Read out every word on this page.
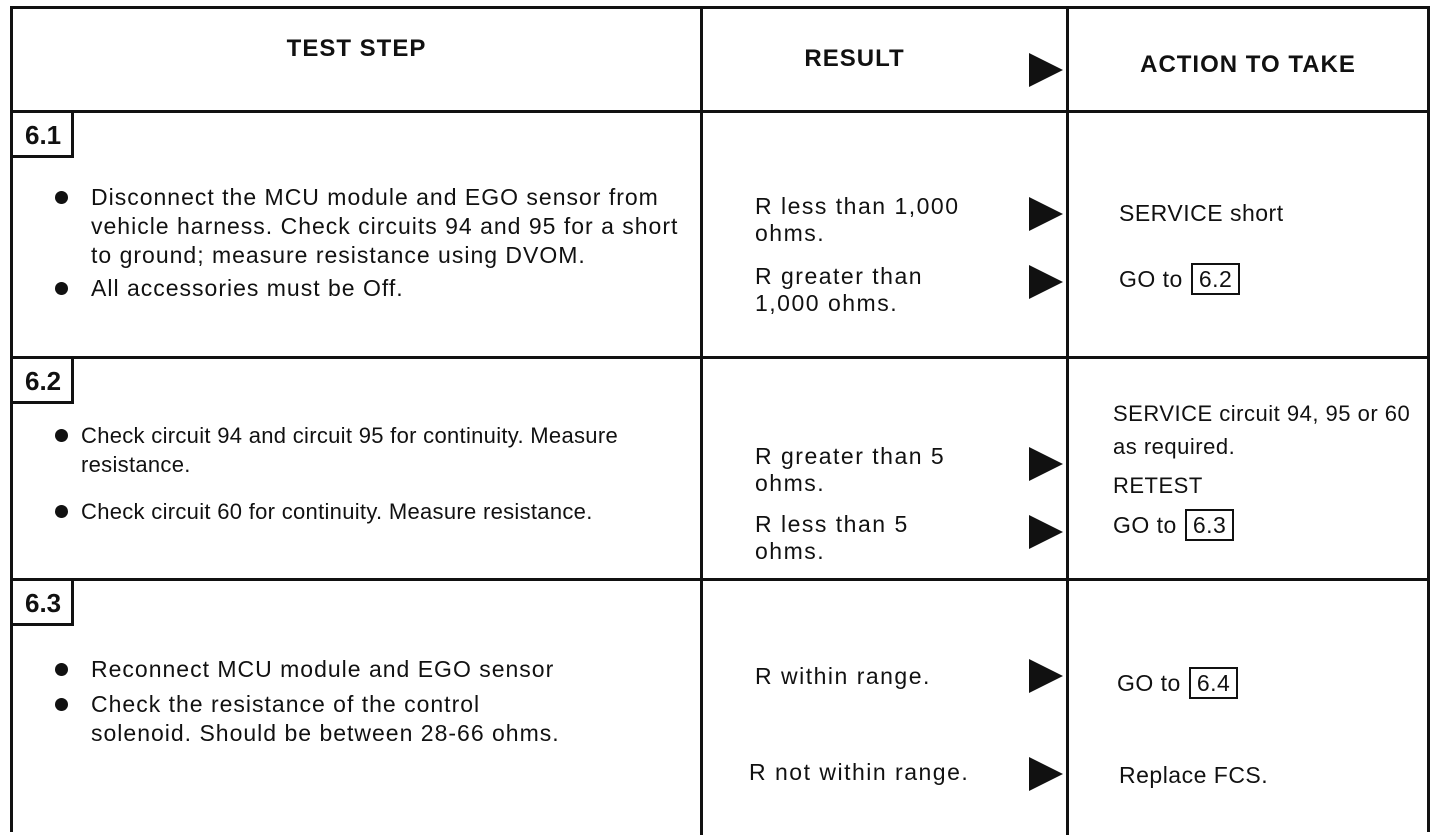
TEST STEP	RESULT	ACTION TO TAKE
6.1
Disconnect the MCU module and EGO sensor from vehicle harness. Check circuits 94 and 95 for a short to ground; measure resistance using DVOM.
All accessories must be Off.
R less than 1,000 ohms.
R greater than 1,000 ohms.
SERVICE short
GO to 6.2
6.2
Check circuit 94 and circuit 95 for continuity. Measure resistance.
Check circuit 60 for continuity. Measure resistance.
R greater than 5 ohms.
R less than 5 ohms.
SERVICE circuit 94, 95 or 60 as required.
RETEST
GO to 6.3
6.3
Reconnect MCU module and EGO sensor
Check the resistance of the control solenoid. Should be between 28-66 ohms.
R within range.
R not within range.
GO to 6.4
Replace FCS.
